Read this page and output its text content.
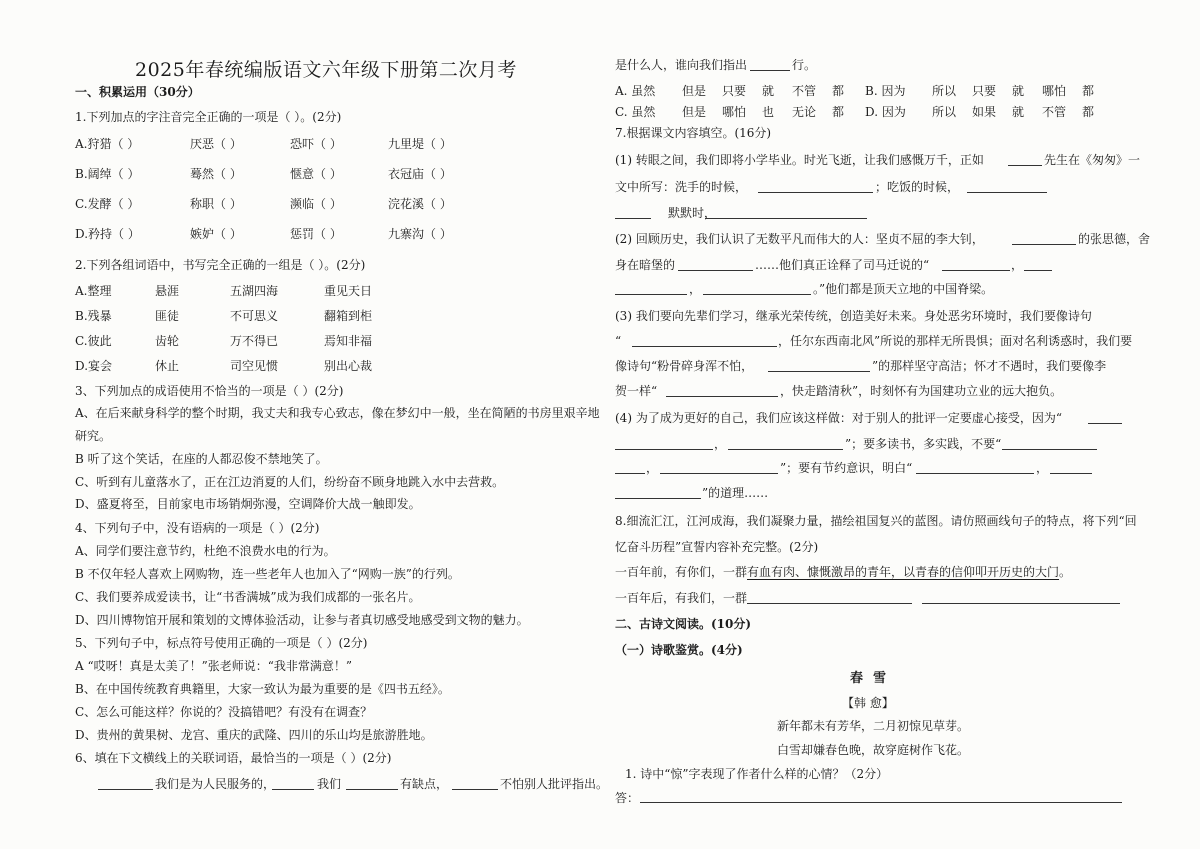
2025年春统编版语文六年级下册第二次月考
一、积累运用（30分）
1.下列加点的字注音完全正确的一项是（ ）。(2分)
A.狩猎（ ）	厌恶（ ）	恐吓（ ）	九里堤（ ）
B.阔绰（ ）	蓦然（ ）	惬意（ ）	衣冠庙（ ）
C.发酵（ ）	称职（ ）	濒临（ ）	浣花溪（ ）
D.矜持（ ）	嫉妒（ ）	惩罚（ ）	九寨沟（ ）
2.下列各组词语中，书写完全正确的一组是（ ）。(2分)
A.整理	悬涯	五湖四海	重见天日
B.残暴	匪徒	不可思义	翻箱到柜
C.彼此	齿轮	万不得已	焉知非福
D.宴会	休止	司空见惯	别出心裁
3、下列加点的成语使用不恰当的一项是（ ）(2分)
A、在后来献身科学的整个时期，我丈夫和我专心致志，像在梦幻中一般，坐在简陋的书房里艰辛地
研究。
B 听了这个笑话，在座的人都忍俊不禁地笑了。
C、听到有儿童落水了，正在江边消夏的人们，纷纷奋不顾身地跳入水中去营救。
D、盛夏将至，目前家电市场销炯弥漫，空调降价大战一触即发。
4、下列句子中，没有语病的一项是（ ）(2分)
A、同学们要注意节约，杜绝不浪费水电的行为。
B 不仅年轻人喜欢上网购物，连一些老年人也加入了“网购一族”的行列。
C、我们要养成爱读书，让“书香满城”成为我们成都的一张名片。
D、四川博物馆开展和策划的文博体验活动，让参与者真切感受地感受到文物的魅力。
5、下列句子中，标点符号使用正确的一项是（ ）(2分)
A “哎呀！真是太美了！”张老师说：“我非常满意！”
B、在中国传统教育典籍里，大家一致认为最为重要的是《四书五经》。
C、怎么可能这样？你说的？没搞错吧？有没有在调查？
D、贵州的黄果树、龙宫、重庆的武隆、四川的乐山均是旅游胜地。
6、填在下文横线上的关联词语，最恰当的一项是（ ）(2分)
我们是为人民服务的，	我们	有缺点，	不怕别人批评指出。
是什么人，谁向我们指出	行。
A. 虽然 但是 只要 就 不管 都 B. 因为 所以 只要 就 哪怕 都
C. 虽然 但是 哪怕 也 无论 都 D. 因为 所以 如果 就 不管 都
7.根据课文内容填空。(16分)
(1) 转眼之间，我们即将小学毕业。时光飞逝，让我们感慨万千，正如	先生在《匆匆》一
文中所写：洗手的时候，	；吃饭的时候，
默默时，
(2) 回顾历史，我们认识了无数平凡而伟大的人：坚贞不屈的李大钊，	的张思德，舍
身在暗堡的	……他们真正诠释了司马迁说的“	，
，	。”他们都是顶天立地的中国脊梁。
(3) 我们要向先辈们学习，继承光荣传统，创造美好未来。身处恶劣环境时，我们要像诗句
“	，任尔东西南北风”所说的那样无所畏惧；面对名利诱惑时，我们要
像诗句“粉骨碎身浑不怕，	”的那样坚守高洁；怀才不遇时，我们要像李
贺一样“	，快走踏清秋”，时刻怀有为国建功立业的远大抱负。
(4) 为了成为更好的自己，我们应该这样做：对于别人的批评一定要虚心接受，因为“
，	”；要多读书，多实践，不要“
，	”；要有节约意识，明白“	，
”的道理……
8.细流汇江，江河成海，我们凝聚力量，描绘祖国复兴的蓝图。请仿照画线句子的特点，将下列“回
忆奋斗历程”宣誓内容补充完整。(2分)
一百年前，有你们，一群有血有肉、慷慨激昂的青年，以青春的信仰叩开历史的大门。
一百年后，有我们，一群
二、古诗文阅读。(10分)
（一）诗歌鉴赏。(4分)
春雪
【韩 愈】
新年都未有芳华，二月初惊见草芽。
白雪却嫌春色晚，故穿庭树作飞花。
1. 诗中“惊”字表现了作者什么样的心情？（2分）
答：
